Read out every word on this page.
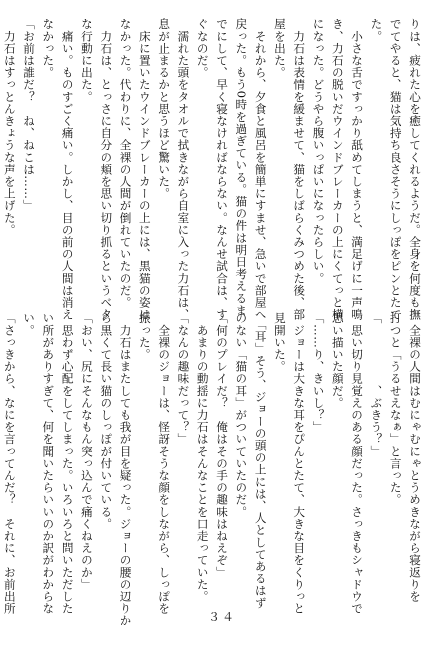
りは、疲れた心を癒してくれるようだ。全身を何度も撫
でてやると、猫は気持ち良さそうにしっぽをピンとたて
た。
　小さな舌ですっかり舐めてしまうと、満足げに一声鳴
き、力石の脱いだウインドブレーカーの上にくてっと横
になった。どうやら腹いっぱいになったらしい。
　力石は表情を緩ませて、猫をしばらくみつめた後、部
屋を出た。
　それから、夕食と風呂を簡単にすませ、急いで部屋へ
戻った。もう0時を過ぎている。猫の件は明日考えるま
でにして、早く寝なければならない。なんせ試合は、す
ぐなのだ。
　濡れた頭をタオルで拭きながら自室に入った力石は、
息が止まるかと思うほど驚いた。
　床に置いたウインドブレーカーの上には、黒猫の姿は
なかった。代わりに、全裸の人間が倒れていたのだ。
　力石は、とっさに自分の頬を思い切り抓るというベタ
な行動に出た。
　痛い。ものすごく痛い。しかし、目の前の人間は消え
なかった。
「お前は誰だ？　ね、ねこは……」
　力石はすっとんきょうな声を上げた。
　全裸の人間はむにゃむにゃとうめきながら寝返りを
打つと「うるせえなぁ」と言った。
「　　　　　、ぶきう？」
　思い切り見覚えのある顔だった。さっきもシャドウで
思い描いた顔だ。
「……り、きいし？」
　ジョーは大きな耳をぴんとたて、大きな目をくりっと
見開いた。
　「耳」そう、ジョーの頭の上には、人としてあるはず
のない「猫の耳」がついていたのだ。
「何のプレイだ？　俺はその手の趣味はねえぞ」
　あまりの動揺に力石はそんなことを口走っていた。
「なんの趣味だって？」
　全裸のジョーは、怪訝そうな顔をしながら、しっぽを
振った。
　力石はまたしても我が目を疑った。ジョーの腰の辺りか
ら黒くて長い猫のしっぽが付いている。
「おい、尻にそんなもん突っ込んで痛くねえのか」
　思わず心配をしてしまった。いろいろと問いただした
い所がありすぎて、何を聞いたらいいのか訳がわからな
い。
「さっきから、なにを言ってんだ？　それに、お前出所
３４
